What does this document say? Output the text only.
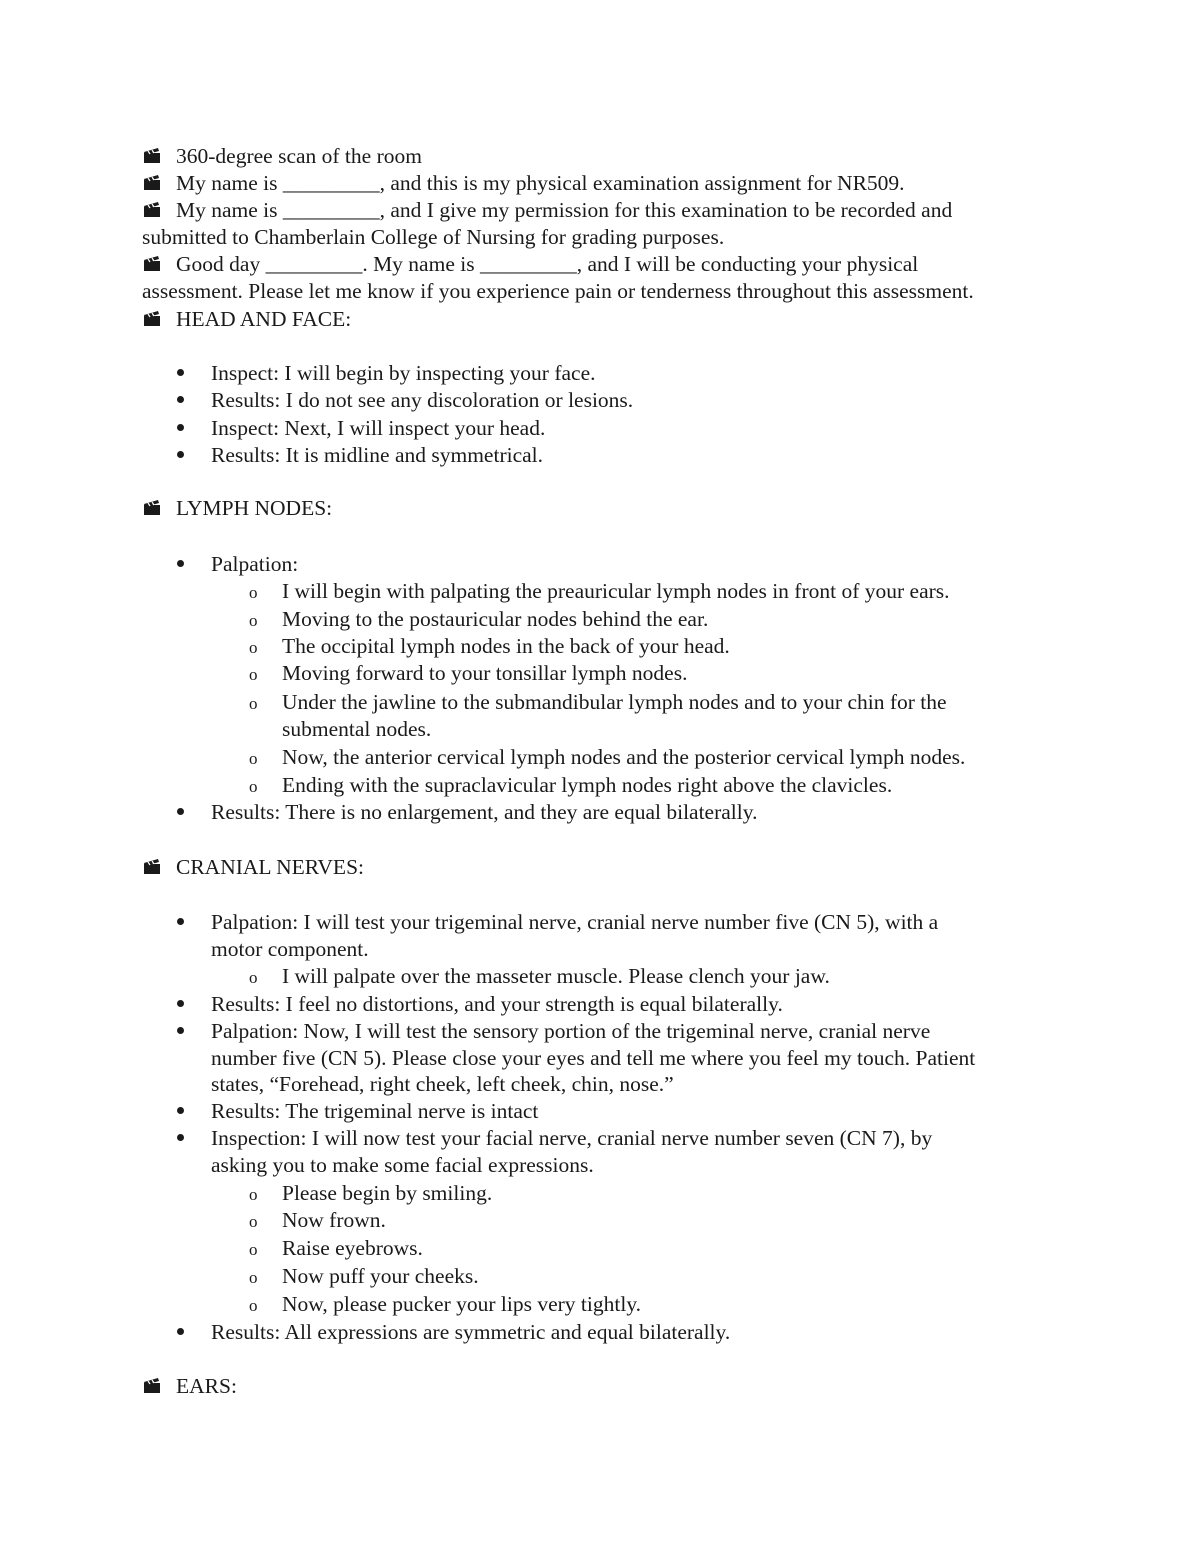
360-degree scan of the room
My name is _________, and this is my physical examination assignment for NR509.
My name is _________, and I give my permission for this examination to be recorded and
submitted to Chamberlain College of Nursing for grading purposes.
Good day _________. My name is _________, and I will be conducting your physical
assessment. Please let me know if you experience pain or tenderness throughout this assessment.
HEAD AND FACE:
Inspect: I will begin by inspecting your face.
Results: I do not see any discoloration or lesions.
Inspect: Next, I will inspect your head.
Results: It is midline and symmetrical.
LYMPH NODES:
Palpation:
o I will begin with palpating the preauricular lymph nodes in front of your ears.
o Moving to the postauricular nodes behind the ear.
o The occipital lymph nodes in the back of your head.
o Moving forward to your tonsillar lymph nodes.
o Under the jawline to the submandibular lymph nodes and to your chin for the
submental nodes.
o Now, the anterior cervical lymph nodes and the posterior cervical lymph nodes.
o Ending with the supraclavicular lymph nodes right above the clavicles.
Results: There is no enlargement, and they are equal bilaterally.
CRANIAL NERVES:
Palpation: I will test your trigeminal nerve, cranial nerve number five (CN 5), with a
motor component.
o I will palpate over the masseter muscle. Please clench your jaw.
Results: I feel no distortions, and your strength is equal bilaterally.
Palpation: Now, I will test the sensory portion of the trigeminal nerve, cranial nerve
number five (CN 5). Please close your eyes and tell me where you feel my touch. Patient
states, “Forehead, right cheek, left cheek, chin, nose.”
Results: The trigeminal nerve is intact
Inspection: I will now test your facial nerve, cranial nerve number seven (CN 7), by
asking you to make some facial expressions.
o Please begin by smiling.
o Now frown.
o Raise eyebrows.
o Now puff your cheeks.
o Now, please pucker your lips very tightly.
Results: All expressions are symmetric and equal bilaterally.
EARS:
